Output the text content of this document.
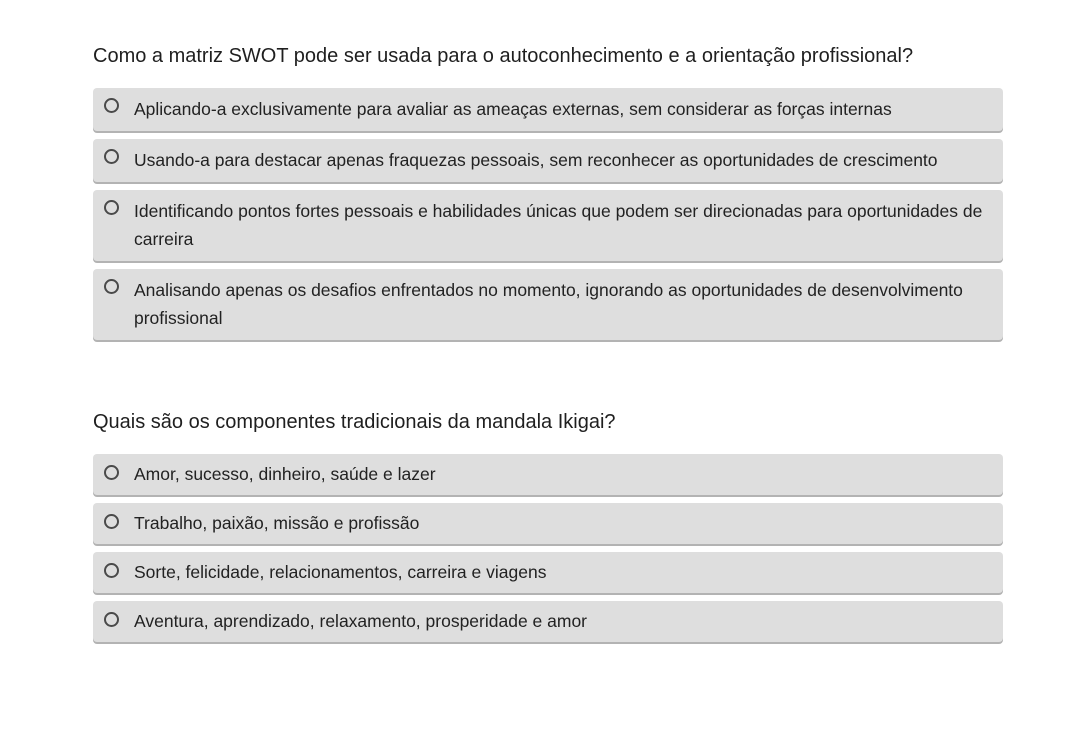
Como a matriz SWOT pode ser usada para o autoconhecimento e a orientação profissional?
Aplicando-a exclusivamente para avaliar as ameaças externas, sem considerar as forças internas
Usando-a para destacar apenas fraquezas pessoais, sem reconhecer as oportunidades de crescimento
Identificando pontos fortes pessoais e habilidades únicas que podem ser direcionadas para oportunidades de carreira
Analisando apenas os desafios enfrentados no momento, ignorando as oportunidades de desenvolvimento profissional
Quais são os componentes tradicionais da mandala Ikigai?
Amor, sucesso, dinheiro, saúde e lazer
Trabalho, paixão, missão e profissão
Sorte, felicidade, relacionamentos, carreira e viagens
Aventura, aprendizado, relaxamento, prosperidade e amor
